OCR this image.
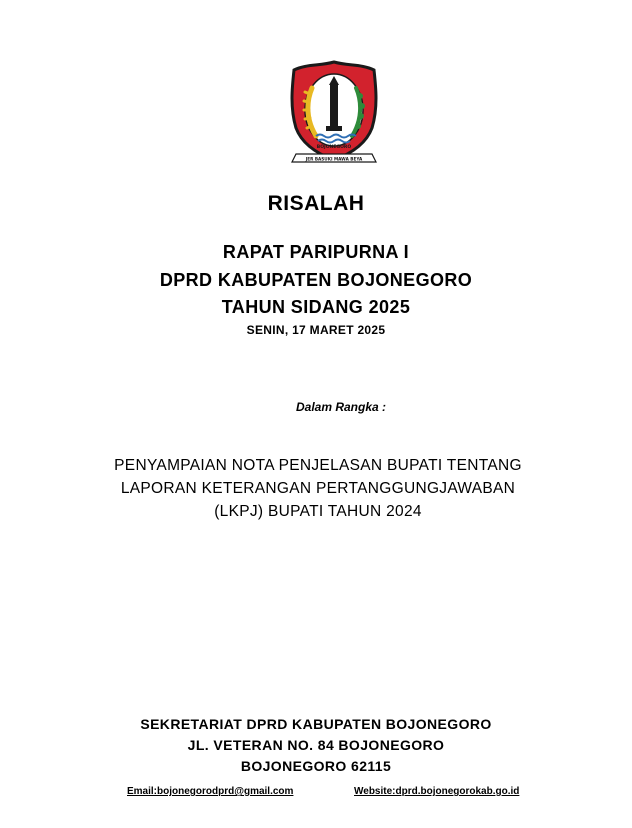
BOJONEGORO
JER BASUKI MAWA BEYA
RISALAH
RAPAT PARIPURNA I
DPRD KABUPATEN BOJONEGORO
TAHUN SIDANG 2025
SENIN, 17 MARET 2025
Dalam Rangka :
PENYAMPAIAN NOTA PENJELASAN BUPATI TENTANG
LAPORAN KETERANGAN PERTANGGUNGJAWABAN
(LKPJ) BUPATI TAHUN 2024
SEKRETARIAT DPRD KABUPATEN BOJONEGORO
JL. VETERAN NO. 84 BOJONEGORO
BOJONEGORO 62115
Email:bojonegorodprd@gmail.com	Website:dprd.bojonegorokab.go.id
